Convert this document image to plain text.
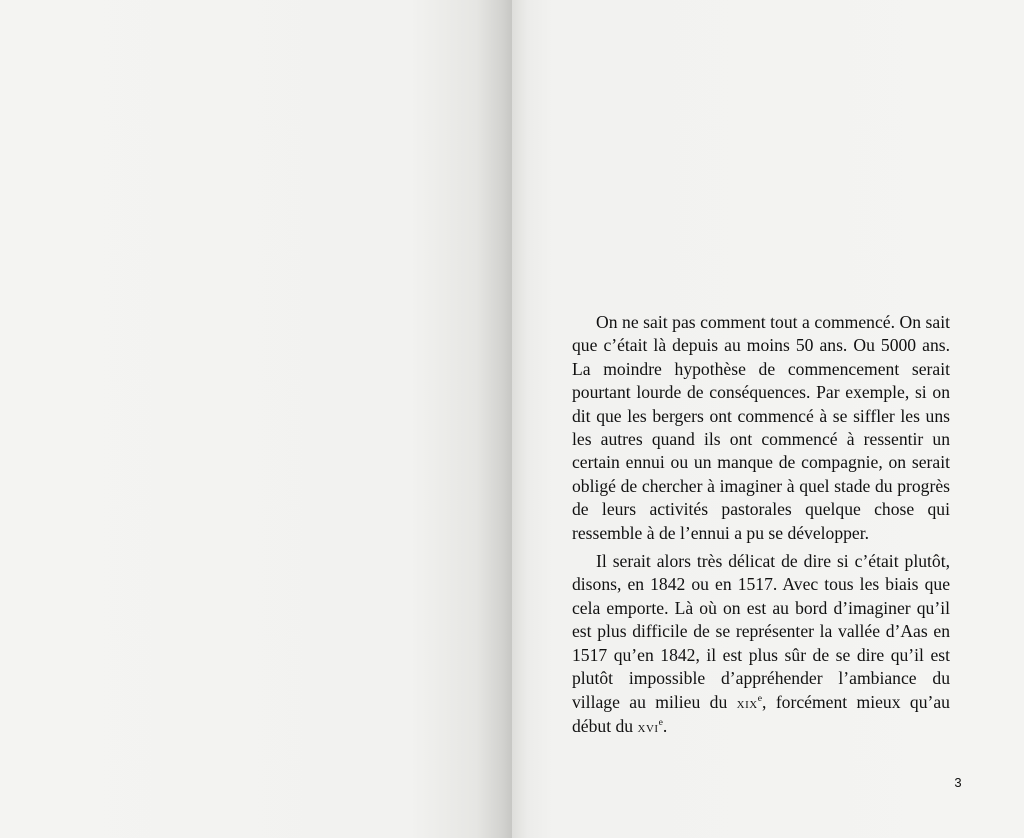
On ne sait pas comment tout a commencé. On sait que c’était là depuis au moins 50 ans. Ou 5000 ans. La moindre hypothèse de commencement serait pourtant lourde de conséquences. Par exemple, si on dit que les bergers ont commencé à se siffler les uns les autres quand ils ont commencé à ressentir un certain ennui ou un manque de compagnie, on serait obligé de chercher à imaginer à quel stade du progrès de leurs activités pastorales quelque chose qui ressemble à de l’ennui a pu se développer.

Il serait alors très délicat de dire si c’était plutôt, disons, en 1842 ou en 1517. Avec tous les biais que cela emporte. Là où on est au bord d’imaginer qu’il est plus difficile de se représenter la vallée d’Aas en 1517 qu’en 1842, il est plus sûr de se dire qu’il est plutôt impossible d’appréhender l’ambiance du village au milieu du xix$^e$, forcément mieux qu’au début du xvi$^e$.

3
